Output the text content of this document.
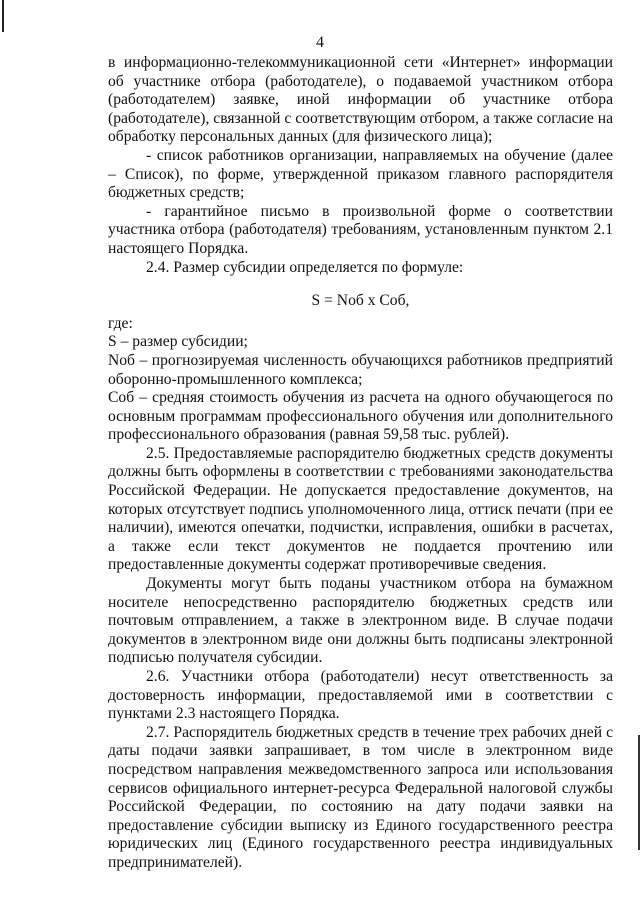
4

в информационно-телекоммуникационной сети «Интернет» информации об участнике отбора (работодателе), о подаваемой участником отбора (работодателем) заявке, иной информации об участнике отбора (работодателе), связанной с соответствующим отбором, а также согласие на обработку персональных данных (для физического лица);

- список работников организации, направляемых на обучение (далее – Список), по форме, утвержденной приказом главного распорядителя бюджетных средств;

- гарантийное письмо в произвольной форме о соответствии участника отбора (работодателя) требованиям, установленным пунктом 2.1 настоящего Порядка.

2.4. Размер субсидии определяется по формуле:

S = Nоб х Cоб,

где:

S – размер субсидии;

Nоб – прогнозируемая численность обучающихся работников предприятий оборонно-промышленного комплекса;

Cоб – средняя стоимость обучения из расчета на одного обучающегося по основным программам профессионального обучения или дополнительного профессионального образования (равная 59,58 тыс. рублей).

2.5. Предоставляемые распорядителю бюджетных средств документы должны быть оформлены в соответствии с требованиями законодательства Российской Федерации. Не допускается предоставление документов, на которых отсутствует подпись уполномоченного лица, оттиск печати (при ее наличии), имеются опечатки, подчистки, исправления, ошибки в расчетах, а также если текст документов не поддается прочтению или предоставленные документы содержат противоречивые сведения.

Документы могут быть поданы участником отбора на бумажном носителе непосредственно распорядителю бюджетных средств или почтовым отправлением, а также в электронном виде. В случае подачи документов в электронном виде они должны быть подписаны электронной подписью получателя субсидии.

2.6. Участники отбора (работодатели) несут ответственность за достоверность информации, предоставляемой ими в соответствии с пунктами 2.3 настоящего Порядка.

2.7. Распорядитель бюджетных средств в течение трех рабочих дней с даты подачи заявки запрашивает, в том числе в электронном виде посредством направления межведомственного запроса или использования сервисов официального интернет-ресурса Федеральной налоговой службы Российской Федерации, по состоянию на дату подачи заявки на предоставление субсидии выписку из Единого государственного реестра юридических лиц (Единого государственного реестра индивидуальных предпринимателей).
